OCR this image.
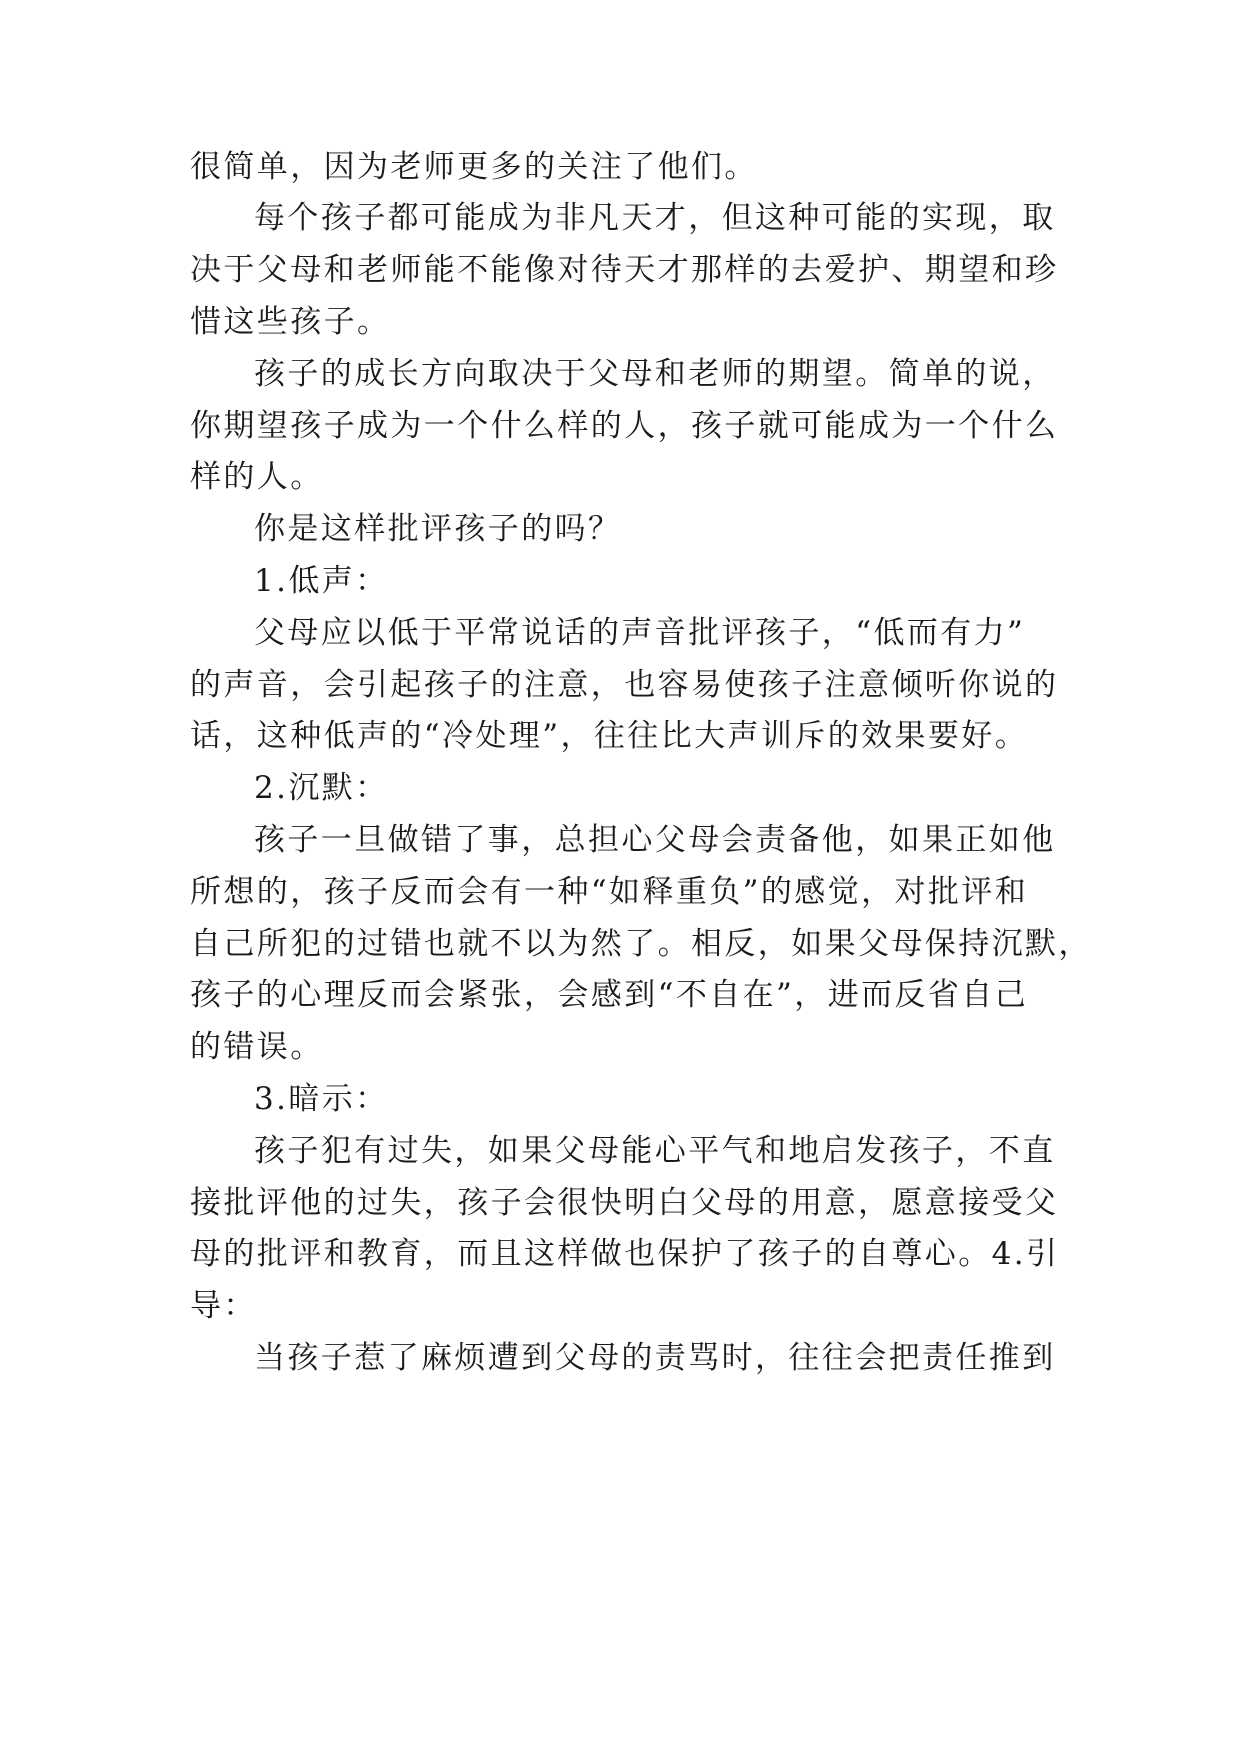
很简单，因为老师更多的关注了他们。
每个孩子都可能成为非凡天才，但这种可能的实现，取
决于父母和老师能不能像对待天才那样的去爱护、期望和珍
惜这些孩子。
孩子的成长方向取决于父母和老师的期望。简单的说，
你期望孩子成为一个什么样的人，孩子就可能成为一个什么
样的人。
你是这样批评孩子的吗？
1.低声：
父母应以低于平常说话的声音批评孩子，“低而有力”
的声音，会引起孩子的注意，也容易使孩子注意倾听你说的
话，这种低声的“冷处理”，往往比大声训斥的效果要好。
2.沉默：
孩子一旦做错了事，总担心父母会责备他，如果正如他
所想的，孩子反而会有一种“如释重负”的感觉，对批评和
自己所犯的过错也就不以为然了。相反，如果父母保持沉默，
孩子的心理反而会紧张，会感到“不自在”，进而反省自己
的错误。
3.暗示：
孩子犯有过失，如果父母能心平气和地启发孩子，不直
接批评他的过失，孩子会很快明白父母的用意，愿意接受父
母的批评和教育，而且这样做也保护了孩子的自尊心。4.引
导：
当孩子惹了麻烦遭到父母的责骂时，往往会把责任推到
